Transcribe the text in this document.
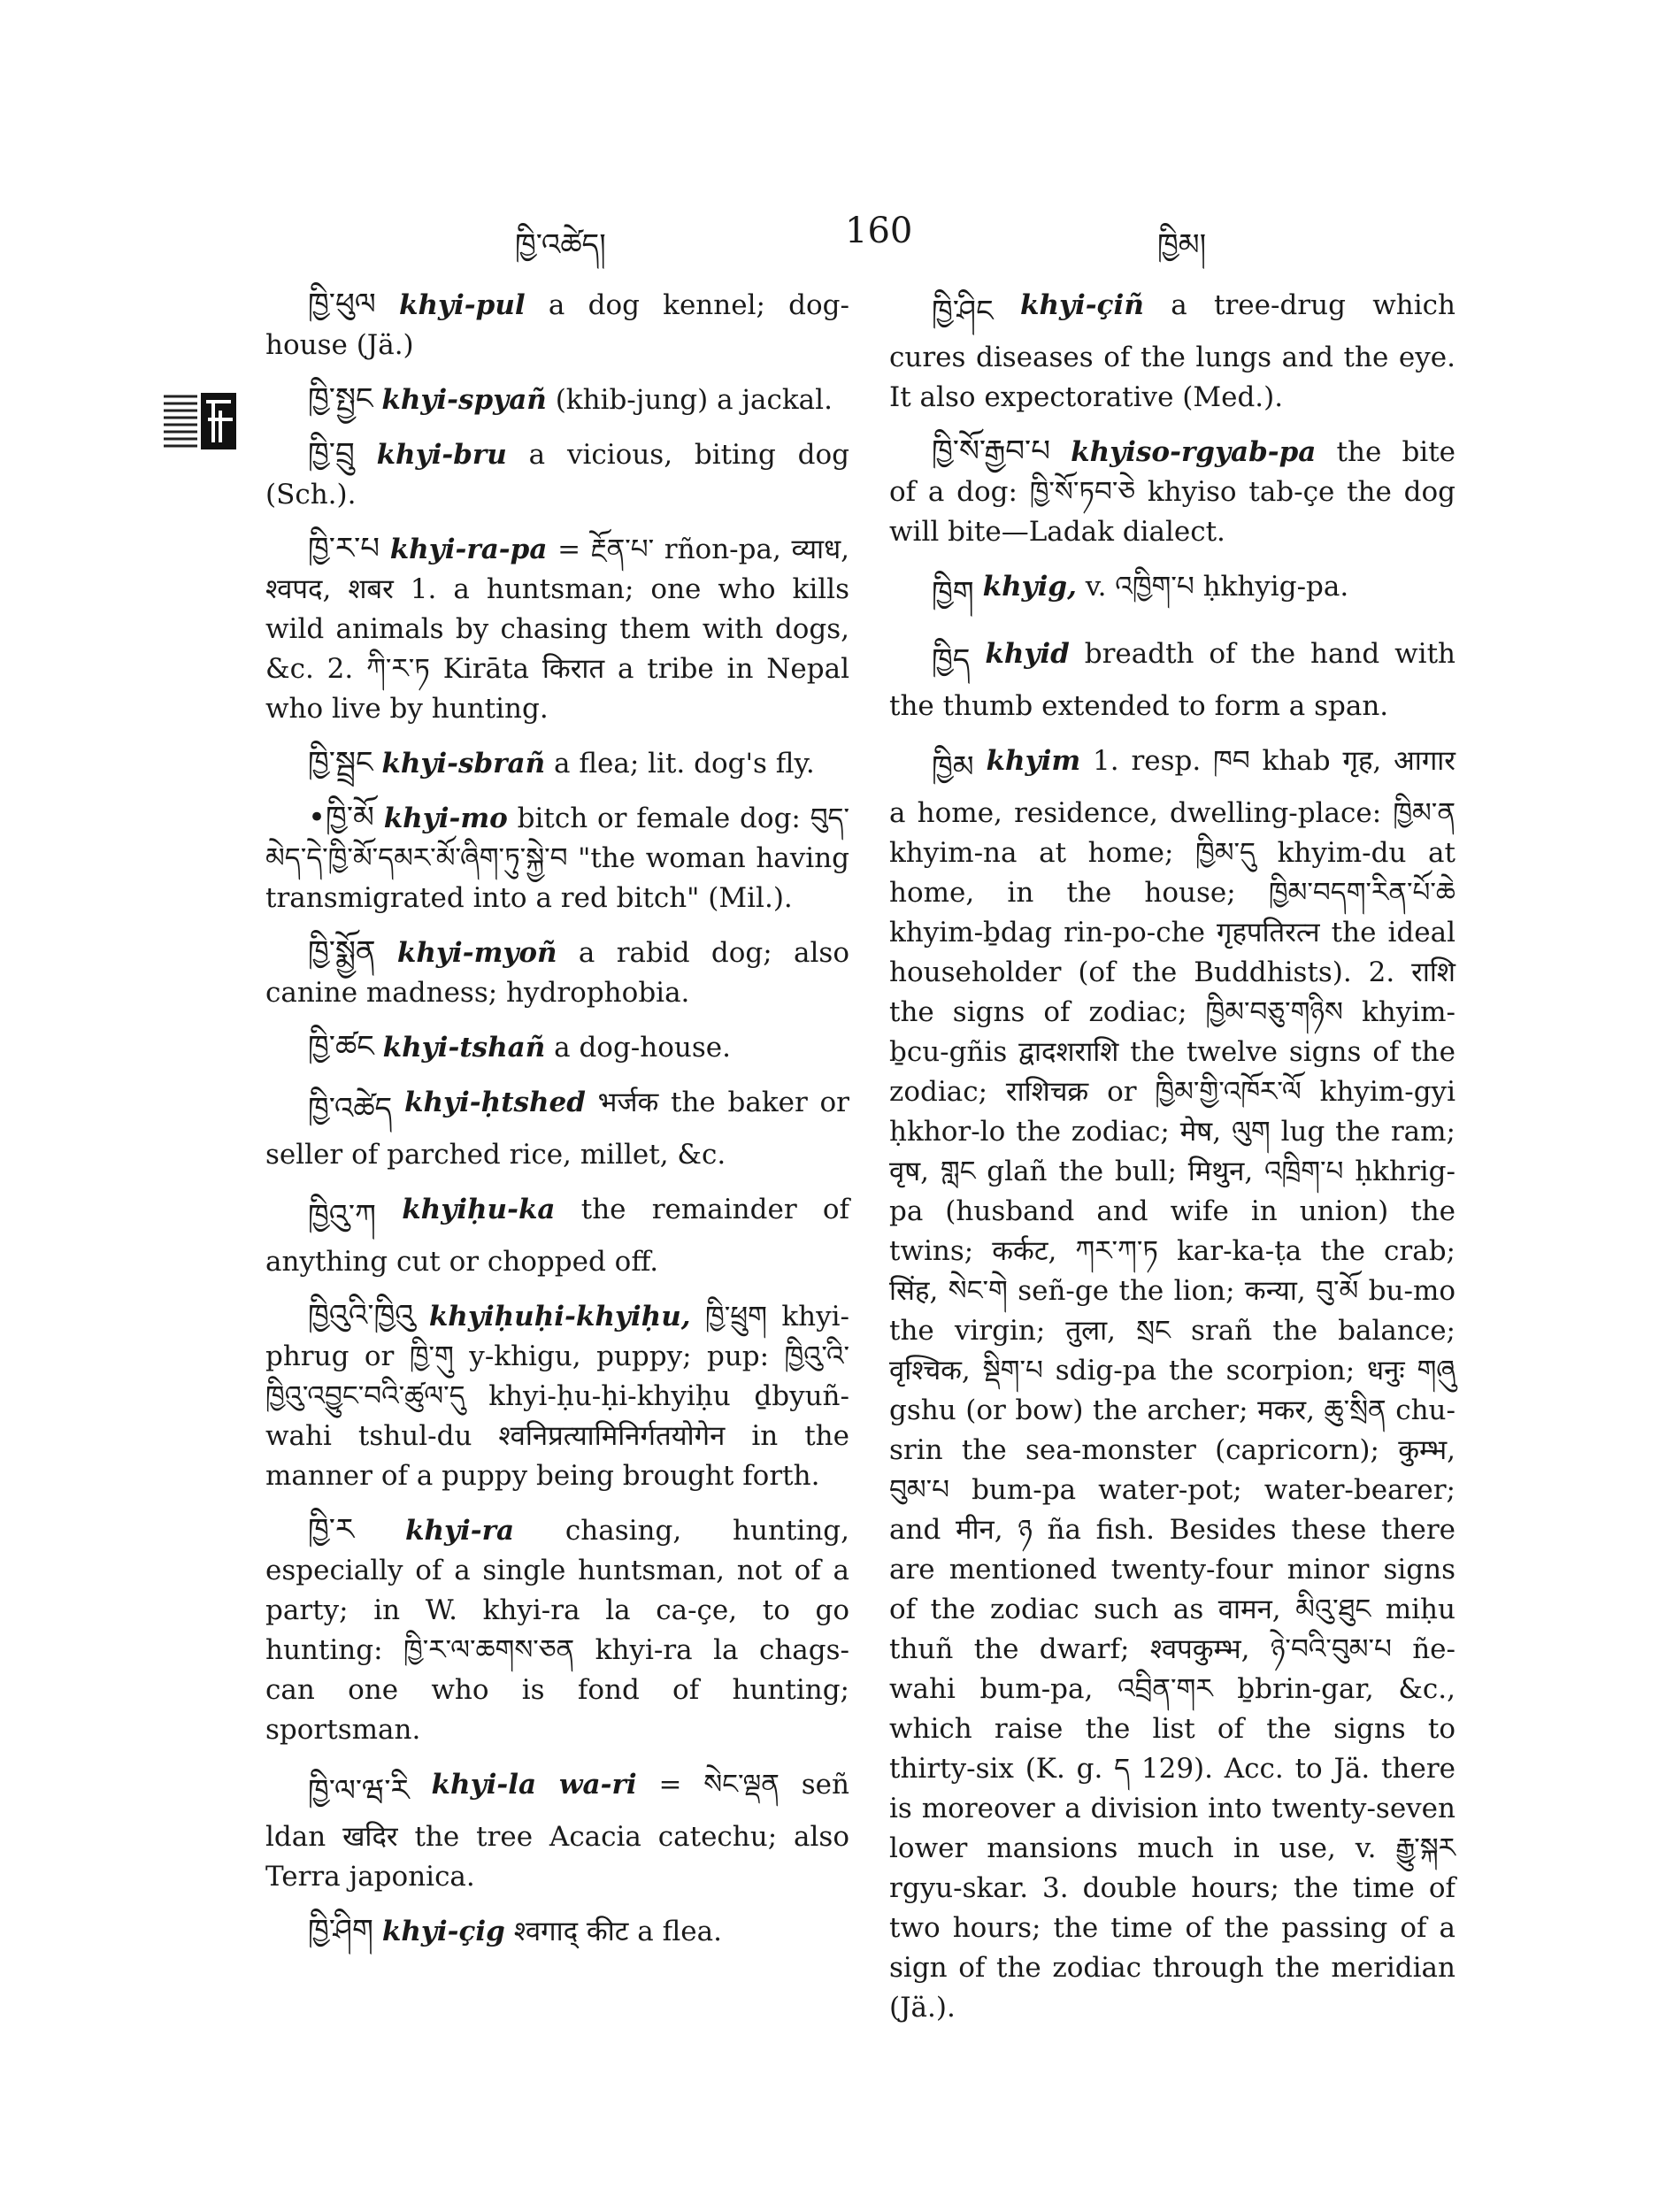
ཁྱི་འཚེད།	160	ཁྱིམ།

ཁྱི་ཕུལ khyi-pul a dog kennel; dog-house (Jä.)

ཁྱི་སྤྱང khyi-spyañ (khib-jung) a jackal.

ཁྱི་བྲུ khyi-bru a vicious, biting dog (Sch.).

ཁྱི་ར་པ khyi-ra-pa = རྔོན་པ་ rñon-pa, व्याध, श्वपद, शबर 1. a huntsman; one who kills wild animals by chasing them with dogs, &c. 2. ཀི་ར་ཏ Kirāta किरात a tribe in Nepal who live by hunting.

ཁྱི་སྦྲང khyi-sbrañ a flea; lit. dog's fly.

•ཁྱི་མོ khyi-mo bitch or female dog: བུད་མེད་དེ་ཁྱི་མོ་དམར་མོ་ཞིག་ཏུ་སྐྱེ་བ "the woman having transmigrated into a red bitch" (Mil.).

ཁྱི་སྨྱོན khyi-myoñ a rabid dog; also canine madness; hydrophobia.

ཁྱི་ཚང khyi-tshañ a dog-house.

ཁྱི་འཚེད khyi-ḥtshed भर्जक the baker or seller of parched rice, millet, &c.

ཁྱིའུ་ཀ khyiḥu-ka the remainder of anything cut or chopped off.

ཁྱིའུའི་ཁྱིའུ khyiḥuḥi-khyiḥu, ཁྱི་ཕྲུག khyi-phrug or ཁྱི་གུ y-khigu, puppy; pup: ཁྱིའུ་འི་ཁྱིའུ་འབྱུང་བའི་ཚུལ་དུ khyi-ḥu-ḥi-khyiḥu ḏbyuñ-wahi tshul-du श्वनिप्रत्यामिनिर्गतयोगेन in the manner of a puppy being brought forth.

ཁྱི་ར khyi-ra chasing, hunting, especially of a single huntsman, not of a party; in W. khyi-ra la ca-çe, to go hunting: ཁྱི་ར་ལ་ཆགས་ཅན khyi-ra la chags-can one who is fond of hunting; sportsman.

ཁྱི་ལ་ཝ་རི khyi-la wa-ri = སེང་ལྡན señ ldan खदिर the tree Acacia catechu; also Terra japonica.

ཁྱི་ཤིག khyi-çig श्वगाद् कीट a flea.

ཁྱི་ཤིང khyi-çiñ a tree-drug which cures diseases of the lungs and the eye. It also expectorative (Med.).

ཁྱི་སོ་རྒྱབ་པ khyiso-rgyab-pa the bite of a dog: ཁྱི་སོ་ཏབ་ཅེ khyiso tab-çe the dog will bite—Ladak dialect.

ཁྱིག khyig, v. འཁྱིག་པ ḥkhyig-pa.

ཁྱིད khyid breadth of the hand with the thumb extended to form a span.

ཁྱིམ khyim 1. resp. ཁབ khab गृह, आगार a home, residence, dwelling-place: ཁྱིམ་ན khyim-na at home; ཁྱིམ་དུ khyim-du at home, in the house; ཁྱིམ་བདག་རིན་པོ་ཆེ khyim-ḇdag rin-po-che गृहपतिरत्न the ideal householder (of the Buddhists). 2. राशि the signs of zodiac; ཁྱིམ་བཅུ་གཉིས khyim-ḇcu-gñis द्वादशराशि the twelve signs of the zodiac; राशिचक्र or ཁྱིམ་གྱི་འཁོར་ལོ khyim-gyi ḥkhor-lo the zodiac; मेष, ལུག lug the ram; वृष, གླང glañ the bull; मिथुन, འཁྲིག་པ ḥkhrig-pa (husband and wife in union) the twins; कर्कट, ཀར་ཀ་ཏ kar-ka-ṭa the crab; सिंह, སེང་གེ señ-ge the lion; कन्या, བུ་མོ bu-mo the virgin; तुला, སྲང srañ the balance; वृश्चिक, སྡིག་པ sdig-pa the scorpion; धनुः གཞུ gshu (or bow) the archer; मकर, ཆུ་སྲིན chu-srin the sea-monster (capricorn); कुम्भ, བུམ་པ bum-pa water-pot; water-bearer; and मीन, ཉ ña fish. Besides these there are mentioned twenty-four minor signs of the zodiac such as वामन, མིའུ་ཐུང miḥu thuñ the dwarf; श्वपकुम्भ, ཉེ་བའི་བུམ་པ ñe-wahi bum-pa, འབྲིན་གར ḇbrin-gar, &c., which raise the list of the signs to thirty-six (K. g. ད 129). Acc. to Jä. there is moreover a division into twenty-seven lower mansions much in use, v. རྒྱུ་སྐར rgyu-skar. 3. double hours; the time of two hours; the time of the passing of a sign of the zodiac through the meridian (Jä.).
